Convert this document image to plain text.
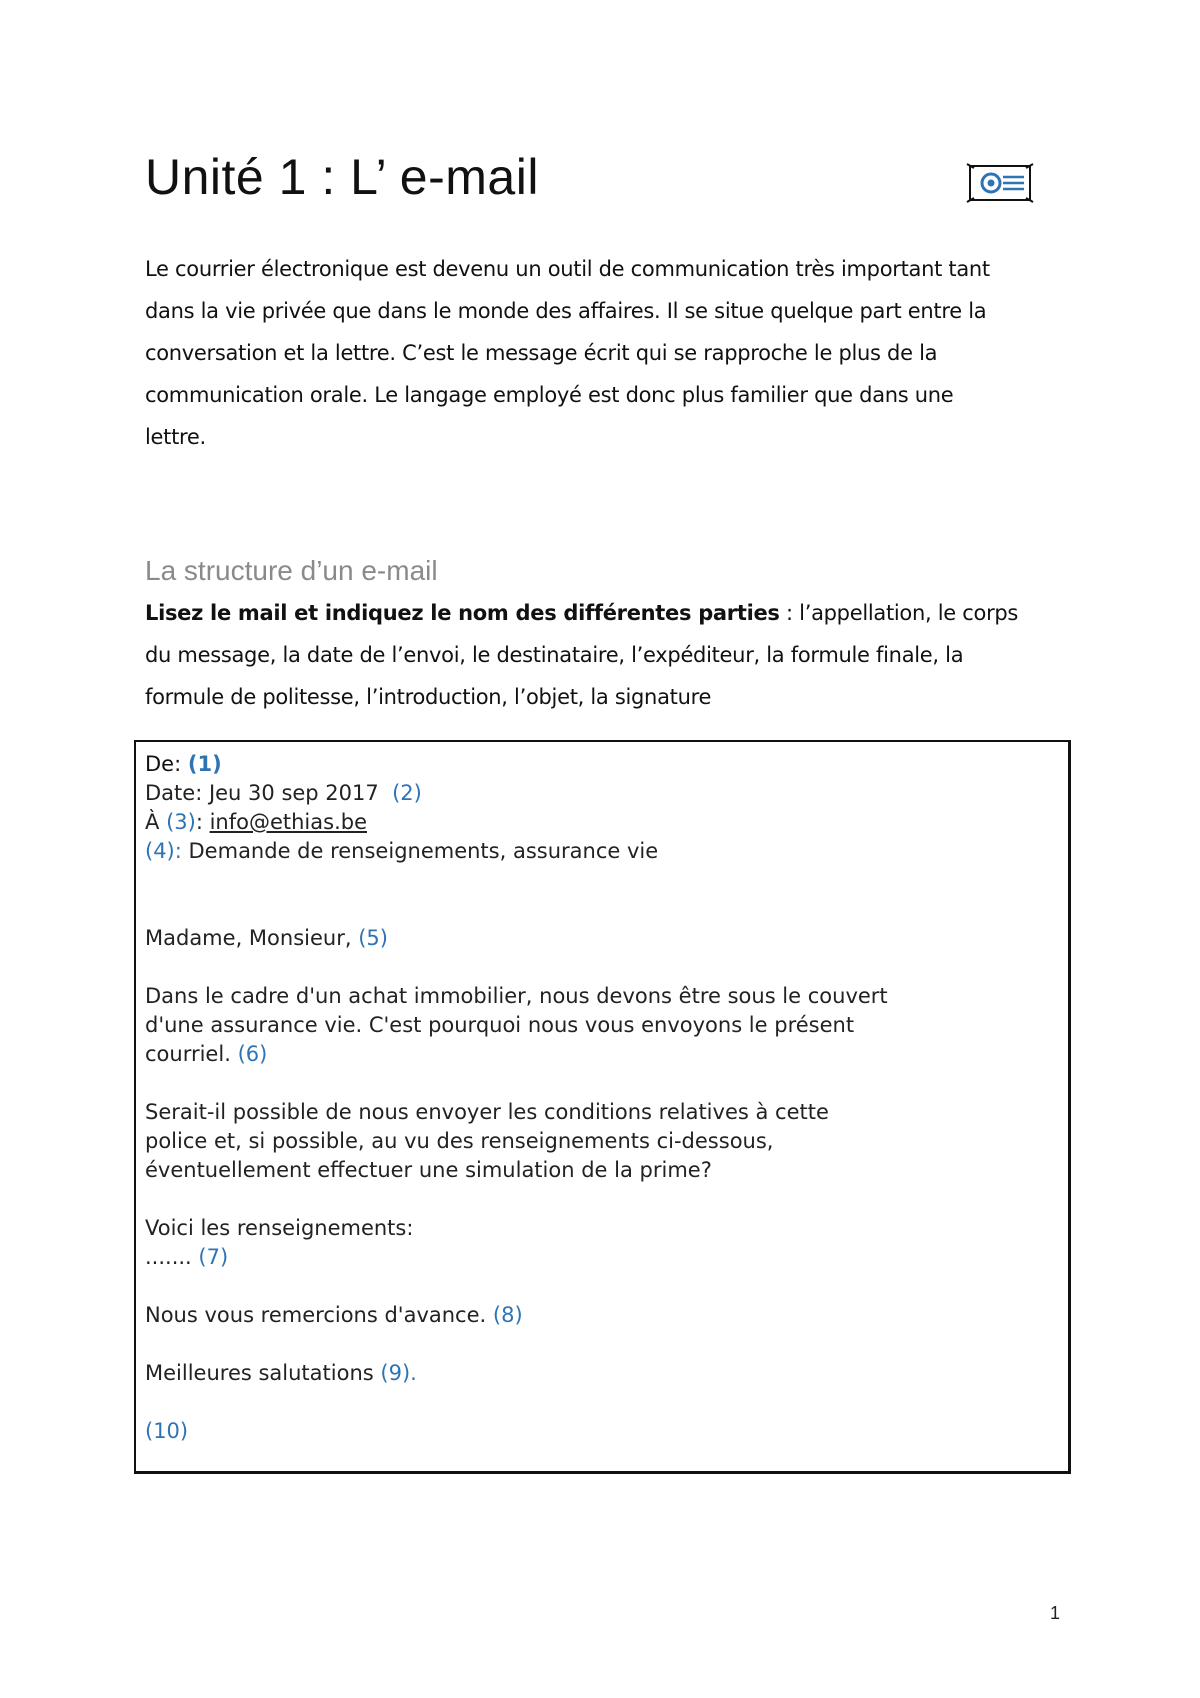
Unité 1 : L’ e-mail
Le courrier électronique est devenu un outil de communication très important tant
dans la vie privée que dans le monde des affaires. Il se situe quelque part entre la
conversation et la lettre. C’est le message écrit qui se rapproche le plus de la
communication orale. Le langage employé est donc plus familier que dans une
lettre.
La structure d’un e-mail
Lisez le mail et indiquez le nom des différentes parties : l’appellation, le corps
du message, la date de l’envoi, le destinataire, l’expéditeur, la formule finale, la
formule de politesse, l’introduction, l’objet, la signature
De: (1)
Date: Jeu 30 sep 2017 (2)
À (3): info@ethias.be
(4): Demande de renseignements, assurance vie
Madame, Monsieur, (5)
Dans le cadre d'un achat immobilier, nous devons être sous le couvert
d'une assurance vie. C'est pourquoi nous vous envoyons le présent
courriel. (6)
Serait-il possible de nous envoyer les conditions relatives à cette
police et, si possible, au vu des renseignements ci-dessous,
éventuellement effectuer une simulation de la prime?
Voici les renseignements:
....... (7)
Nous vous remercions d'avance. (8)
Meilleures salutations (9).
(10)
1
